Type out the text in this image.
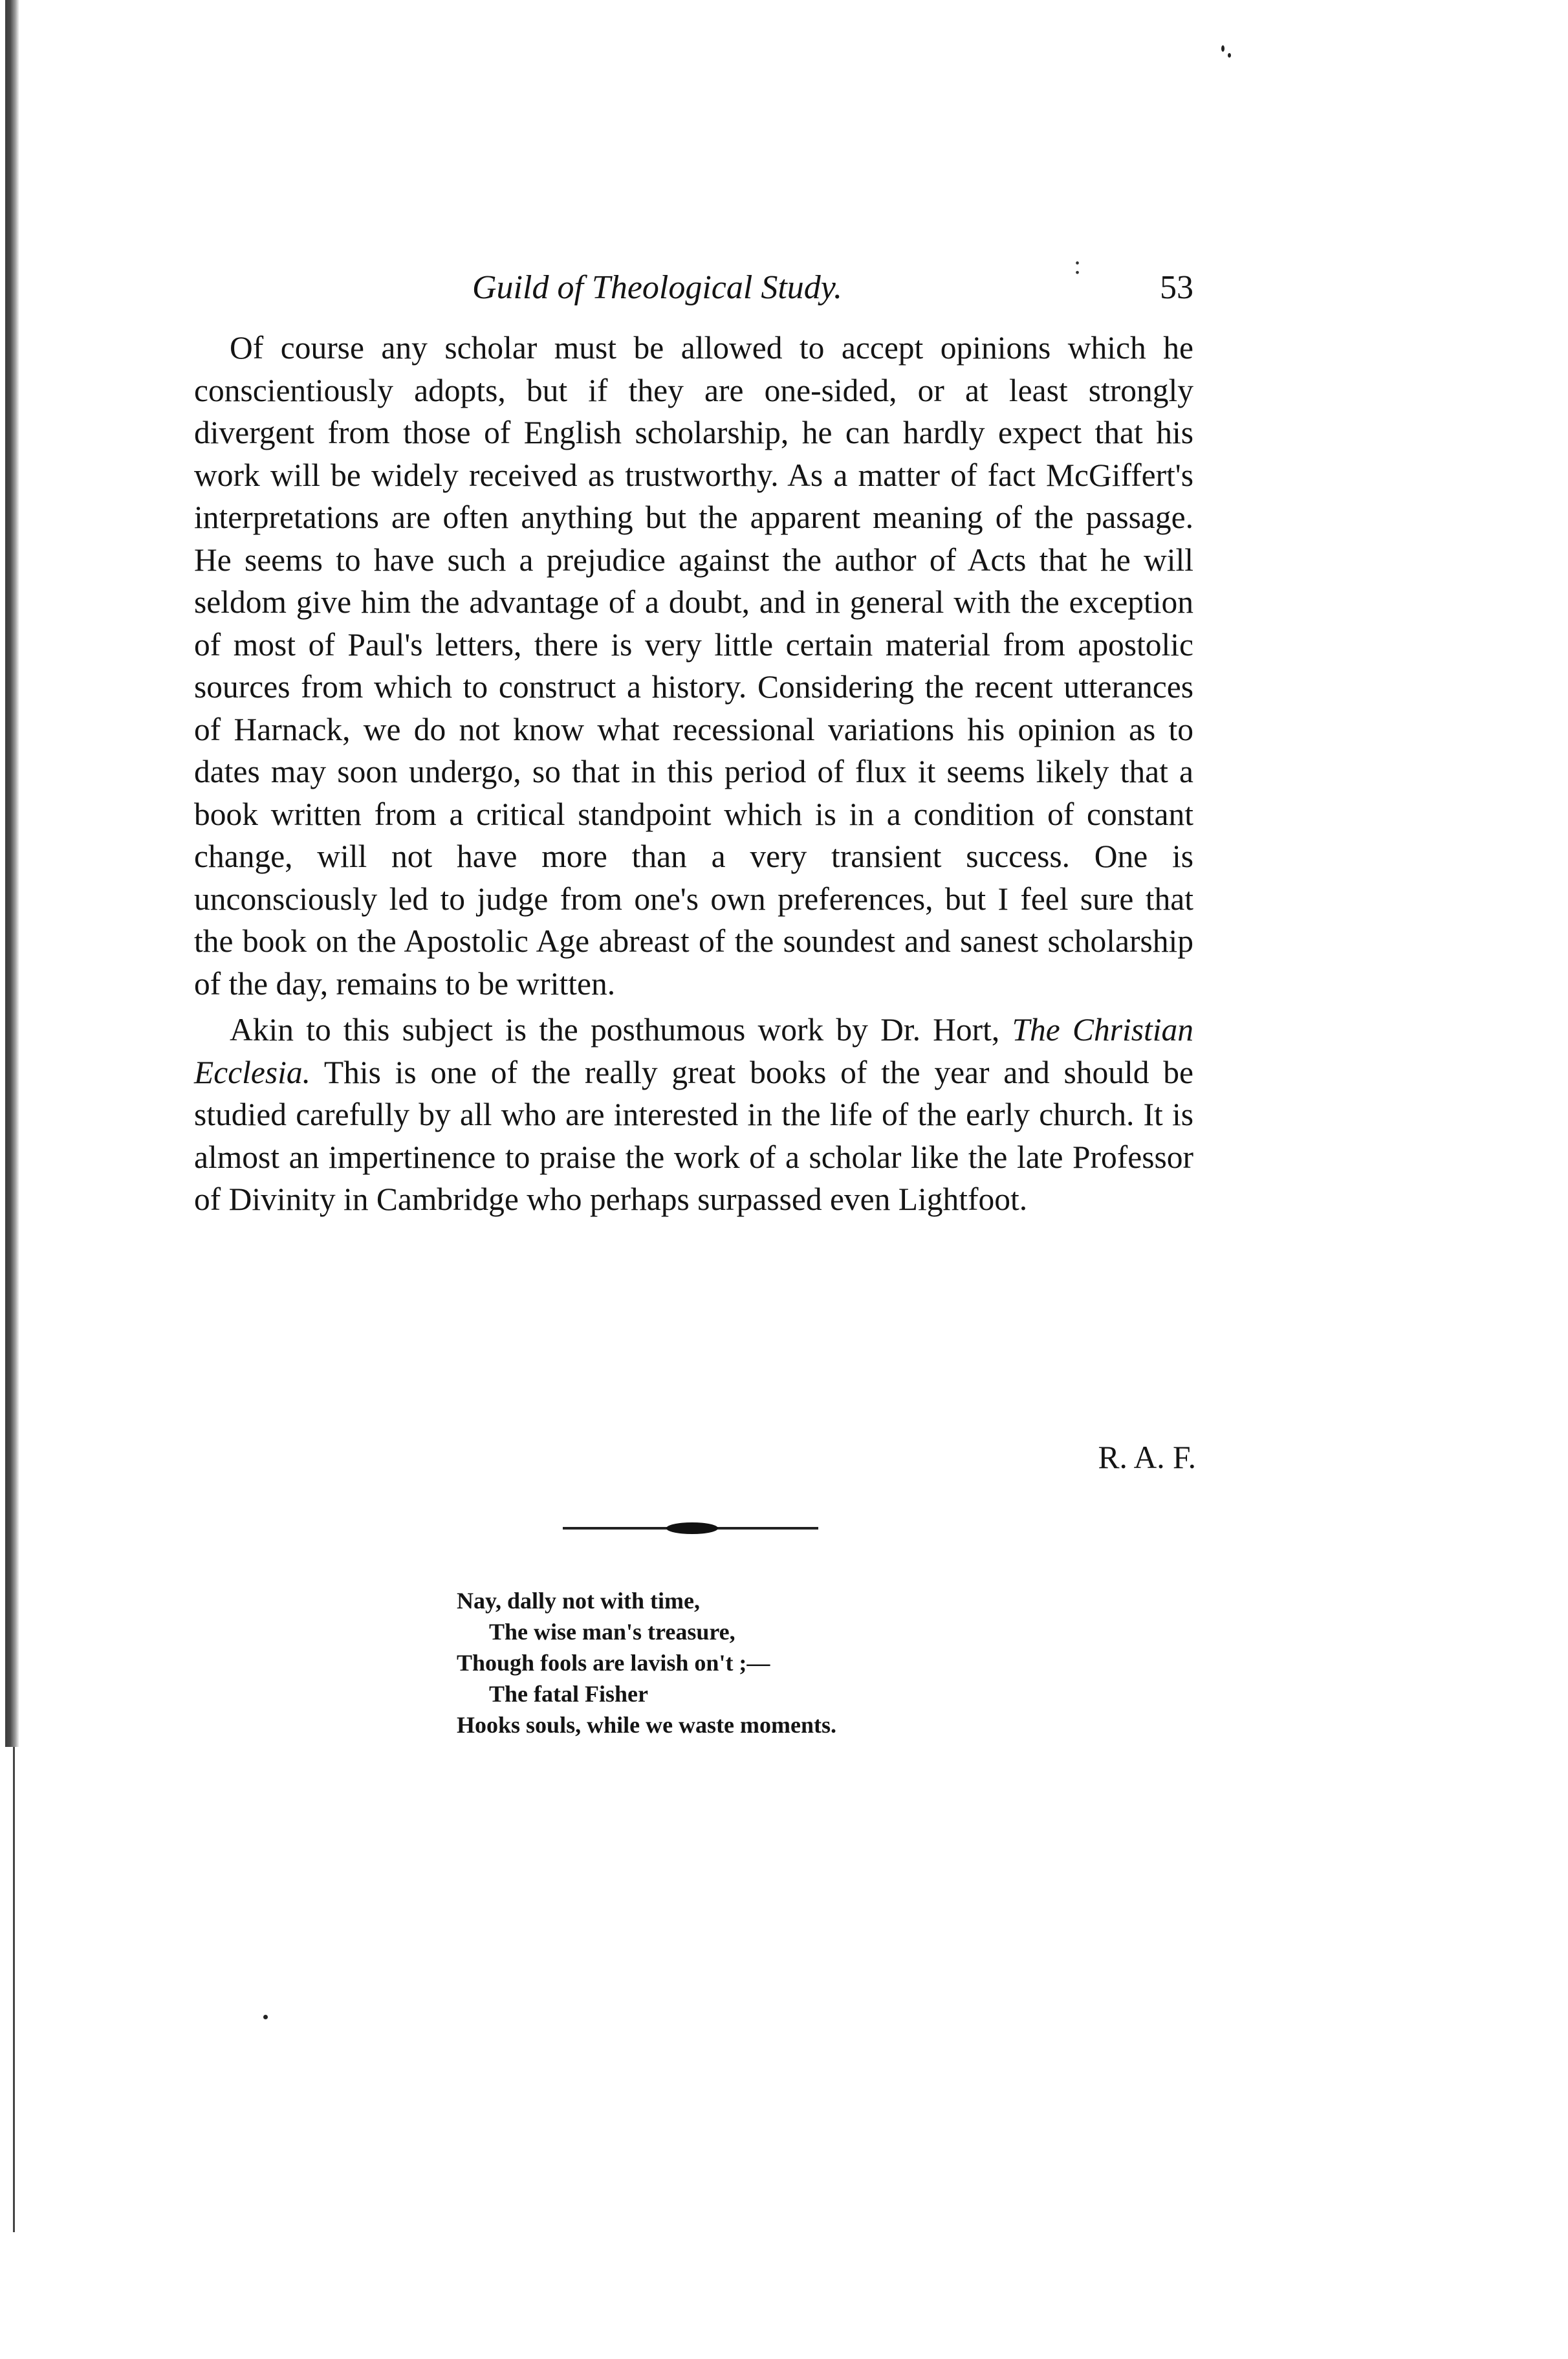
Guild of Theological Study.
:
53

Of course any scholar must be allowed to accept opinions which he conscientiously adopts, but if they are one-sided, or at least strongly divergent from those of English scholarship, he can hardly expect that his work will be widely received as trustworthy. As a matter of fact McGiffert's interpretations are often anything but the apparent meaning of the passage. He seems to have such a prejudice against the author of Acts that he will seldom give him the advantage of a doubt, and in general with the exception of most of Paul's letters, there is very little certain material from apostolic sources from which to construct a history. Considering the recent utterances of Harnack, we do not know what recessional variations his opinion as to dates may soon undergo, so that in this period of flux it seems likely that a book written from a critical standpoint which is in a condition of constant change, will not have more than a very transient success. One is unconsciously led to judge from one's own preferences, but I feel sure that the book on the Apostolic Age abreast of the soundest and sanest scholarship of the day, remains to be written.

Akin to this subject is the posthumous work by Dr. Hort, The Christian Ecclesia. This is one of the really great books of the year and should be studied carefully by all who are interested in the life of the early church. It is almost an impertinence to praise the work of a scholar like the late Professor of Divinity in Cambridge who perhaps surpassed even Lightfoot.

R. A. F.
Nay, dally not with time,
The wise man's treasure,
Though fools are lavish on't ;—
The fatal Fisher
Hooks souls, while we waste moments.
